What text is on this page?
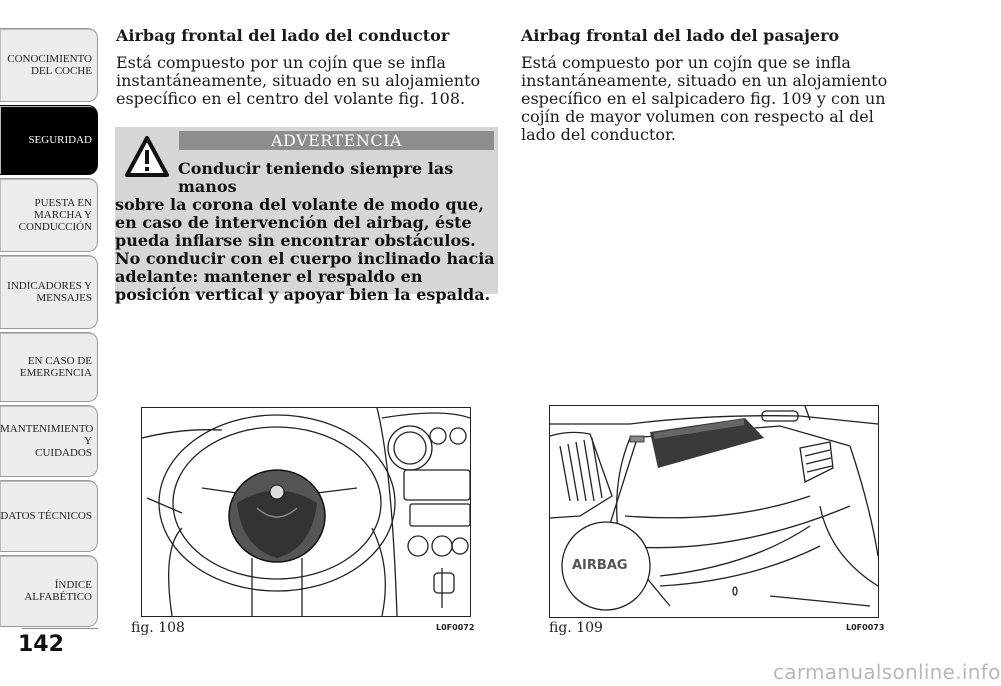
CONOCIMIENTO
DEL COCHE
SEGURIDAD
PUESTA EN
MARCHA Y
CONDUCCIÓN
INDICADORES Y
MENSAJES
EN CASO DE
EMERGENCIA
MANTENIMIENTO Y
CUIDADOS
DATOS TÉCNICOS
ÍNDICE
ALFABÉTICO
142

Airbag frontal del lado del conductor

Está compuesto por un cojín que se infla instantáneamente, situado en su alojamiento específico en el centro del volante fig. 108.

ADVERTENCIA
Conducir teniendo siempre las manos
sobre la corona del volante de modo que, en caso de intervención del airbag, éste pueda inflarse sin encontrar obstáculos. No conducir con el cuerpo inclinado hacia adelante: mantener el respaldo en posición vertical y apoyar bien la espalda.

Airbag frontal del lado del pasajero

Está compuesto por un cojín que se infla instantáneamente, situado en un alojamiento específico en el salpicadero fig. 109 y con un cojín de mayor volumen con respecto al del lado del conductor.

fig. 108	L0F0072
AIRBAG
fig. 109	L0F0073
carmanualsonline.info
